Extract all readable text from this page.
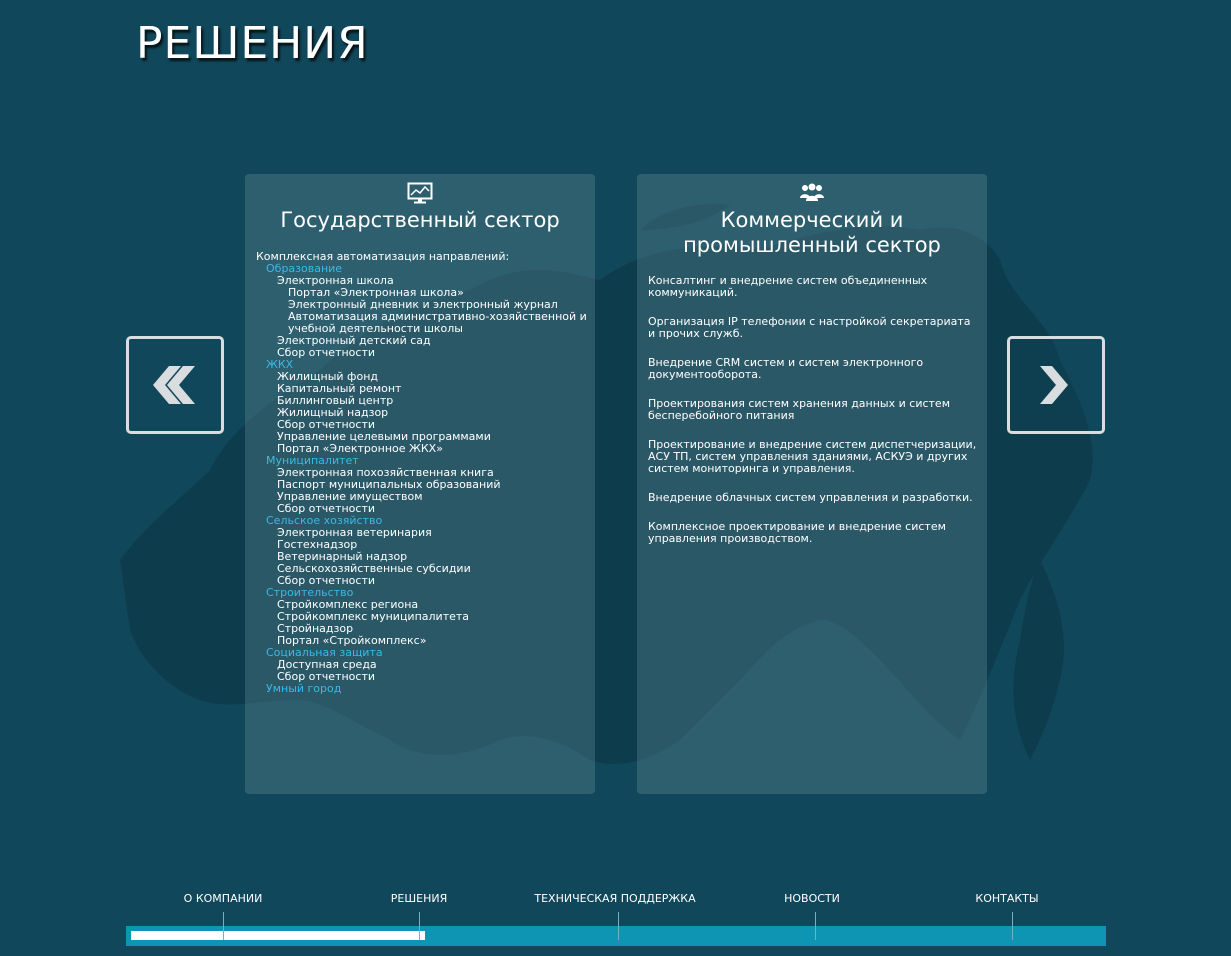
РЕШЕНИЯ
Государственный сектор
Комплексная автоматизация направлений:
Образование
Электронная школа
Портал «Электронная школа»
Электронный дневник и электронный журнал
Автоматизация административно-хозяйственной и
учебной деятельности школы
Электронный детский сад
Сбор отчетности
ЖКХ
Жилищный фонд
Капитальный ремонт
Биллинговый центр
Жилищный надзор
Сбор отчетности
Управление целевыми программами
Портал «Электронное ЖКХ»
Муниципалитет
Электронная похозяйственная книга
Паспорт муниципальных образований
Управление имуществом
Сбор отчетности
Сельское хозяйство
Электронная ветеринария
Гостехнадзор
Ветеринарный надзор
Сельскохозяйственные субсидии
Сбор отчетности
Строительство
Стройкомплекс региона
Стройкомплекс муниципалитета
Стройнадзор
Портал «Стройкомплекс»
Социальная защита
Доступная среда
Сбор отчетности
Умный город
Коммерческий и
промышленный сектор

Консалтинг и внедрение систем объединенных коммуникаций.

Организация IP телефонии с настройкой секретариата и прочих служб.

Внедрение CRM систем и систем электронного документооборота.

Проектирования систем хранения данных и систем бесперебойного питания

Проектирование и внедрение систем диспетчеризации, АСУ ТП, систем управления зданиями, АСКУЭ и других систем мониторинга и управления.

Внедрение облачных систем управления и разработки.

Комплексное проектирование и внедрение систем управления производством.

О КОМПАНИИ	РЕШЕНИЯ	ТЕХНИЧЕСКАЯ ПОДДЕРЖКА	НОВОСТИ	КОНТАКТЫ
